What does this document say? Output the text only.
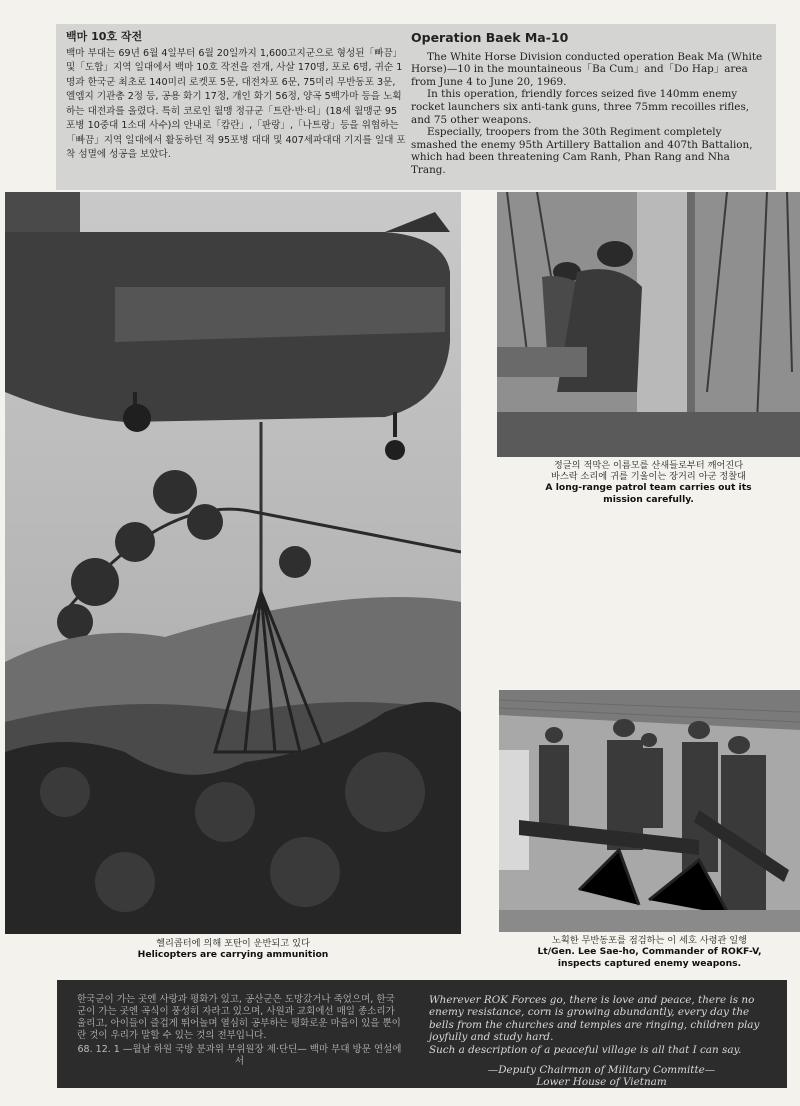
백마 10호 작전
백마 부대는 69년 6월 4일부터 6월 20일까지 1,600고지군으로 형성된「빠끔」및「도합」지역 일대에서 백마 10호 작전을 전개, 사살 170명, 포로 6명, 귀순 1명과 한국군 최초로 140미리 로켓포 5문, 대전차포 6문, 75미리 무반동포 3문, 엘엠지 기관총 2정 등, 공용 화기 17정, 개인 화기 56정, 양곡 5백가마 등을 노획하는 대전과를 올렸다. 특히 코로인 월맹 정규군「트란·반·티」(18세 월맹군 95포병 10중대 1소대 사수)의 안내로「캄란」,「판랑」,「나트랑」등을 위협하는「빠끔」지역 일대에서 활동하던 적 95포병 대대 및 407세파대대 기지를 일대 포착 섬멸에 성공을 보았다.
Operation Baek Ma-10

The White Horse Division conducted operation Beak Ma (White Horse)—10 in the mountaineous「Ba Cum」and「Do Hap」area from June 4 to June 20, 1969.

In this operation, friendly forces seized five 140mm enemy rocket launchers six anti-tank guns, three 75mm recoilles rifles, and 75 other weapons.

Especially, troopers from the 30th Regiment completely smashed the enemy 95th Artillery Battalion and 407th Battalion, which had been threatening Cam Ranh, Phan Rang and Nha Trang.

정글의 적막은 이름모를 산새들로부터 깨어진다
바스락 소리에 귀를 기울이는 장거리 아군 정찰대
A long-range patrol team carries out its
mission carefully.
노획한 무반동포를 점검하는 이 세호 사령관 일행
Lt/Gen. Lee Sae-ho, Commander of ROKF-V,
inspects captured enemy weapons.
헬리콥터에 의해 포탄이 운반되고 있다
Helicopters are carrying ammunition
한국군이 가는 곳엔 사랑과 평화가 있고, 공산군은 도망갔거나 죽었으며, 한국군이 가는 곳엔 곡식이 풍성히 자라고 있으며, 사원과 교회에선 매일 종소리가 울리고, 아이들이 즐겁게 뛰어놀며 열심히 공부하는 평화로운 마을이 있을 뿐이란 것이 우리가 말할 수 있는 것의 전부입니다.
68. 12. 1 —월남 하원 국방 분과위 부위원장 제·단딘— 백마 부대 방문 연설에서
Wherever ROK Forces go, there is love and peace, there is no enemy resistance, corn is growing abundantly, every day the bells from the churches and temples are ringing, children play joyfully and study hard.
Such a description of a peaceful village is all that I can say.
—Deputy Chairman of Military Committe—
Lower House of Vietnam
